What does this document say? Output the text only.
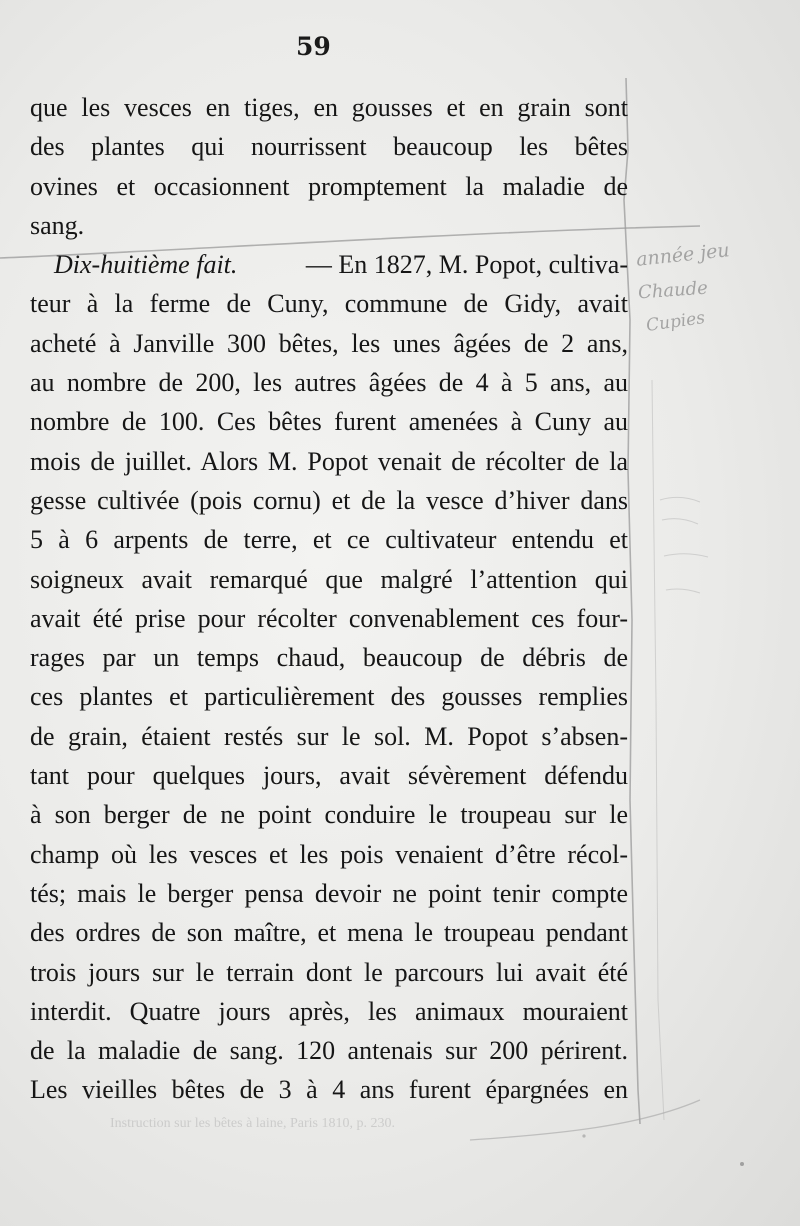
59
que les vesces en tiges, en gousses et en grain sont
des plantes qui nourrissent beaucoup les bêtes
ovines et occasionnent promptement la maladie de
sang.
Dix-huitième fait.	— En 1827, M. Popot, cultiva-
teur à la ferme de Cuny, commune de Gidy, avait
acheté à Janville 300 bêtes, les unes âgées de 2 ans,
au nombre de 200, les autres âgées de 4 à 5 ans, au
nombre de 100. Ces bêtes furent amenées à Cuny au
mois de juillet. Alors M. Popot venait de récolter de la
gesse cultivée (pois cornu) et de la vesce d’hiver dans
5 à 6 arpents de terre, et ce cultivateur entendu et
soigneux avait remarqué que malgré l’attention qui
avait été prise pour récolter convenablement ces four-
rages par un temps chaud, beaucoup de débris de
ces plantes et particulièrement des gousses remplies
de grain, étaient restés sur le sol. M. Popot s’absen-
tant pour quelques jours, avait sévèrement défendu
à son berger de ne point conduire le troupeau sur le
champ où les vesces et les pois venaient d’être récol-
tés; mais le berger pensa devoir ne point tenir compte
des ordres de son maître, et mena le troupeau pendant
trois jours sur le terrain dont le parcours lui avait été
interdit. Quatre jours après, les animaux mouraient
de la maladie de sang. 120 antenais sur 200 périrent.
Les vieilles bêtes de 3 à 4 ans furent épargnées en
année jeu
Chaude
Cupies
Instruction sur les bêtes à laine, Paris 1810, p. 230.
